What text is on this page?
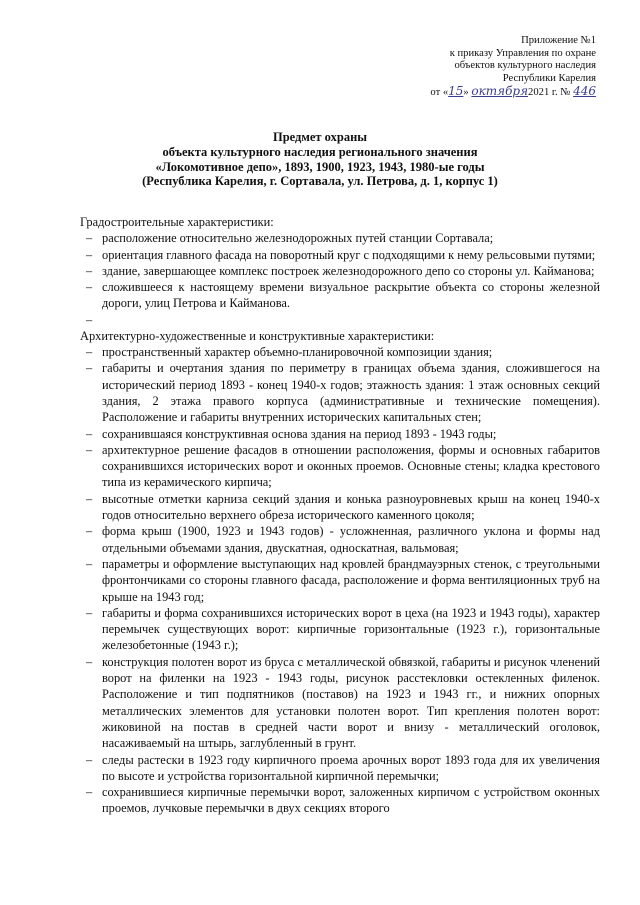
Приложение №1
к приказу Управления по охране
объектов культурного наследия
Республики Карелия
от «15» октября2021 г. № 446
Предмет охраны
объекта культурного наследия регионального значения
«Локомотивное депо», 1893, 1900, 1923, 1943, 1980-ые годы
(Республика Карелия, г. Сортавала, ул. Петрова, д. 1, корпус 1)
Градостроительные характеристики:
– расположение относительно железнодорожных путей станции Сортавала;
– ориентация главного фасада на поворотный круг с подходящими к нему рельсовыми путями;
– здание, завершающее комплекс построек железнодорожного депо со стороны ул. Кайманова;
– сложившееся к настоящему времени визуальное раскрытие объекта со стороны железной дороги, улиц Петрова и Кайманова.
–
Архитектурно-художественные и конструктивные характеристики:
– пространственный характер объемно-планировочной композиции здания;
– габариты и очертания здания по периметру в границах объема здания, сложившегося на исторический период 1893 - конец 1940-х годов; этажность здания: 1 этаж основных секций здания, 2 этажа правого корпуса (административные и технические помещения). Расположение и габариты внутренних исторических капитальных стен;
– сохранившаяся конструктивная основа здания на период 1893 - 1943 годы;
– архитектурное решение фасадов в отношении расположения, формы и основных габаритов сохранившихся исторических ворот и оконных проемов. Основные стены; кладка крестового типа из керамического кирпича;
– высотные отметки карниза секций здания и конька разноуровневых крыш на конец 1940-х годов относительно верхнего обреза исторического каменного цоколя;
– форма крыш (1900, 1923 и 1943 годов) - усложненная, различного уклона и формы над отдельными объемами здания, двускатная, односкатная, вальмовая;
– параметры и оформление выступающих над кровлей брандмауэрных стенок, с треугольными фронтончиками со стороны главного фасада, расположение и форма вентиляционных труб на крыше на 1943 год;
– габариты и форма сохранившихся исторических ворот в цеха (на 1923 и 1943 годы), характер перемычек существующих ворот: кирпичные горизонтальные (1923 г.), горизонтальные железобетонные (1943 г.);
– конструкция полотен ворот из бруса с металлической обвязкой, габариты и рисунок членений ворот на филенки на 1923 - 1943 годы, рисунок расстекловки остекленных филенок. Расположение и тип подпятников (поставов) на 1923 и 1943 гг., и нижних опорных металлических элементов для установки полотен ворот. Тип крепления полотен ворот: жиковиной на постав в средней части ворот и внизу - металлический оголовок, насаживаемый на штырь, заглубленный в грунт.
– следы растески в 1923 году кирпичного проема арочных ворот 1893 года для их увеличения по высоте и устройства горизонтальной кирпичной перемычки;
– сохранившиеся кирпичные перемычки ворот, заложенных кирпичом с устройством оконных проемов, лучковые перемычки в двух секциях второго
